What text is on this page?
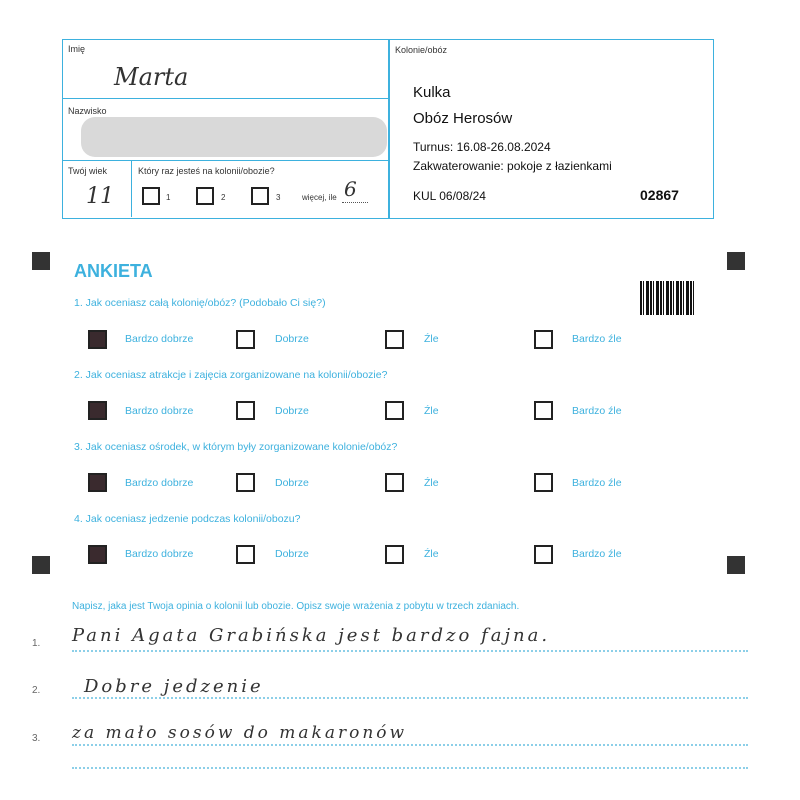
Imię
Marta
Nazwisko
Twój wiek
11
Który raz jesteś na kolonii/obozie?
1	2	3	więcej, ile 6
Kolonie/obóz
Kulka
Obóz Herosów
Turnus: 16.08-26.08.2024
Zakwaterowanie: pokoje z łazienkami
KUL 06/08/24	02867
ANKIETA
1. Jak oceniasz całą kolonię/obóz? (Podobało Ci się?)
2. Jak oceniasz atrakcje i zajęcia zorganizowane na kolonii/obozie?
3. Jak oceniasz ośrodek, w którym były zorganizowane kolonie/obóz?
4. Jak oceniasz jedzenie podczas kolonii/obozu?
Bardzo dobrze	Dobrze	Źle	Bardzo źle
Bardzo dobrze	Dobrze	Źle	Bardzo źle
Bardzo dobrze	Dobrze	Źle	Bardzo źle
Bardzo dobrze	Dobrze	Źle	Bardzo źle
Napisz, jaka jest Twoja opinia o kolonii lub obozie. Opisz swoje wrażenia z pobytu w trzech zdaniach.
1. Pani Agata Grabińska jest bardzo fajna.
2. Dobre jedzenie
3. za mało sosów do makaronów
